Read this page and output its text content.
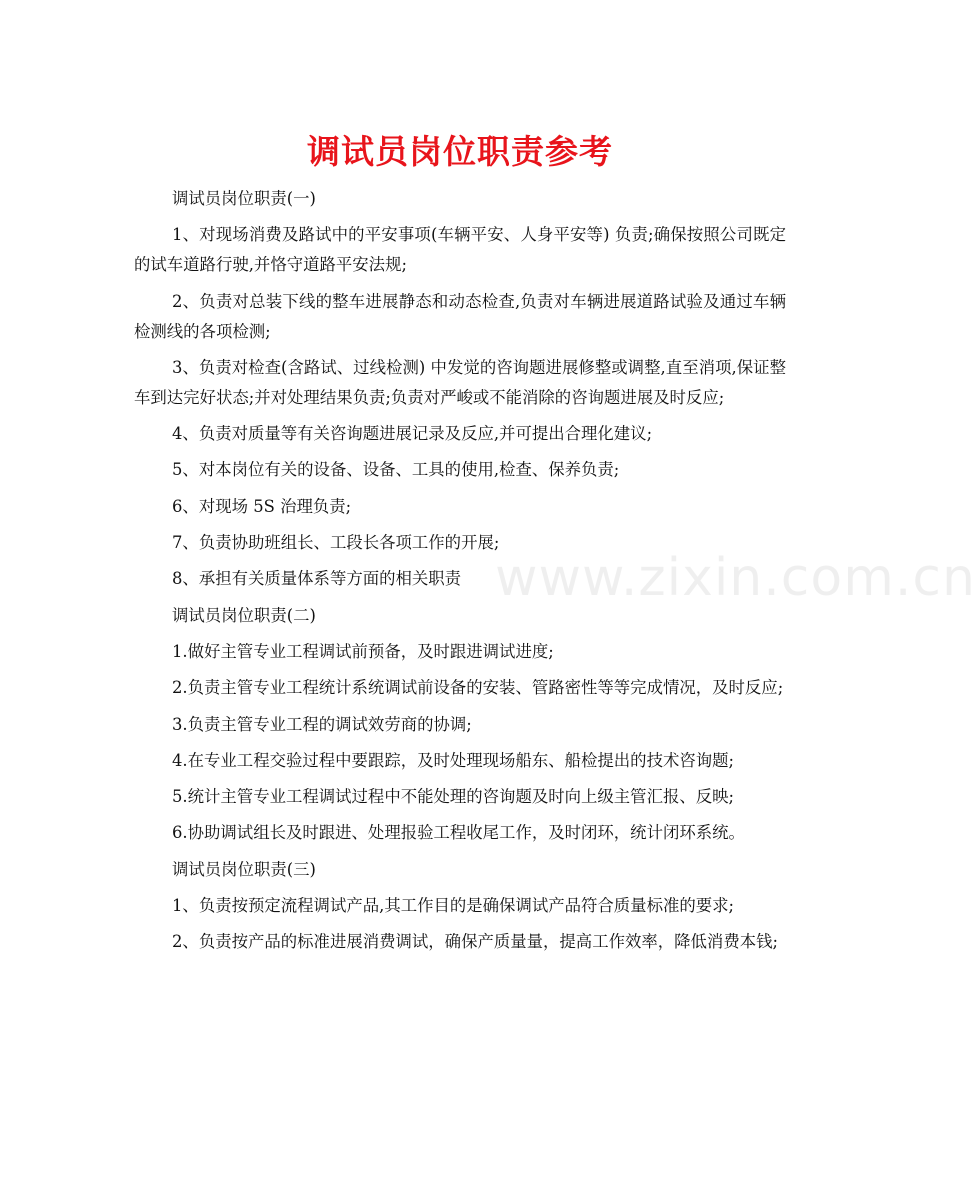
调试员岗位职责参考

调试员岗位职责(一)

1、对现场消费及路试中的平安事项(车辆平安、人身平安等) 负责;确保按照公司既定的试车道路行驶,并恪守道路平安法规;

2、负责对总装下线的整车进展静态和动态检查,负责对车辆进展道路试验及通过车辆检测线的各项检测;

3、负责对检查(含路试、过线检测) 中发觉的咨询题进展修整或调整,直至消项,保证整车到达完好状态;并对处理结果负责;负责对严峻或不能消除的咨询题进展及时反应;

4、负责对质量等有关咨询题进展记录及反应,并可提出合理化建议;

5、对本岗位有关的设备、设备、工具的使用,检查、保养负责;

6、对现场 5S 治理负责;

7、负责协助班组长、工段长各项工作的开展;

8、承担有关质量体系等方面的相关职责

调试员岗位职责(二)

1.做好主管专业工程调试前预备，及时跟进调试进度;

2.负责主管专业工程统计系统调试前设备的安装、管路密性等等完成情况，及时反应;

3.负责主管专业工程的调试效劳商的协调;

4.在专业工程交验过程中要跟踪，及时处理现场船东、船检提出的技术咨询题;

5.统计主管专业工程调试过程中不能处理的咨询题及时向上级主管汇报、反映;

6.协助调试组长及时跟进、处理报验工程收尾工作，及时闭环，统计闭环系统。

调试员岗位职责(三)

1、负责按预定流程调试产品,其工作目的是确保调试产品符合质量标准的要求;

2、负责按产品的标准进展消费调试，确保产质量量，提高工作效率，降低消费本钱;

www.zixin.com.cn
